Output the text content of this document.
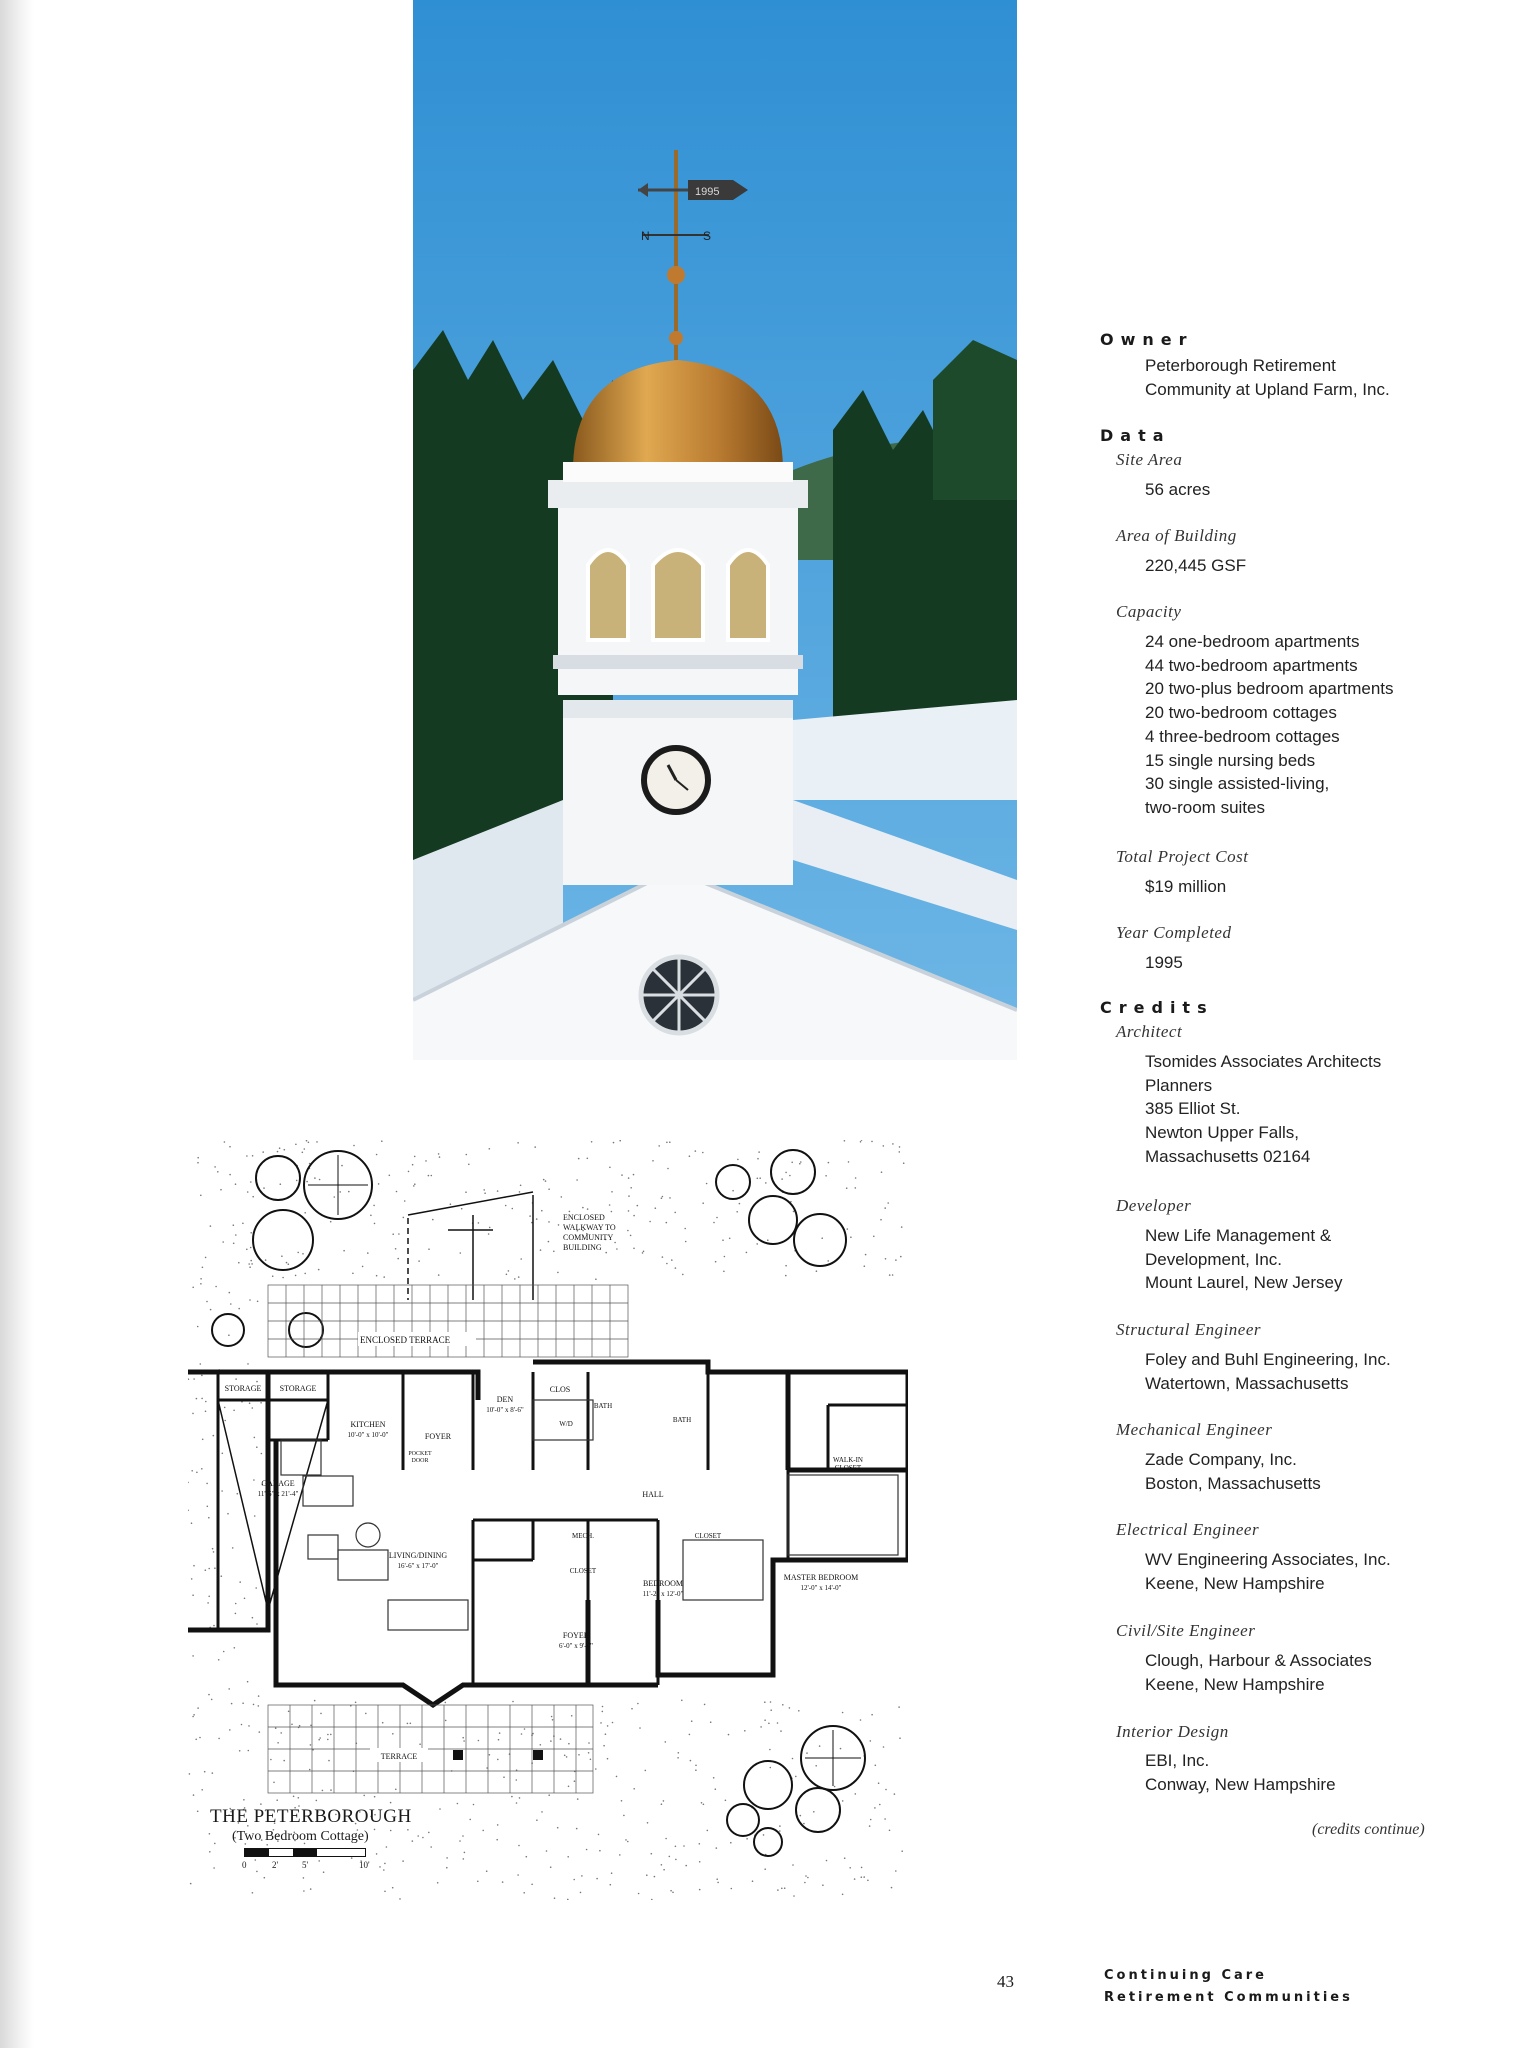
N	S
1995
ENCLOSED
WALKWAY TO
COMMUNITY
BUILDING
ENCLOSED TERRACE
STORAGE STORAGE
KITCHEN
10'-0" x 10'-0"	FOYER
POCKET
DOOR
DEN
10'-0" x 8'-6"
CLOS
BATH
BATH
W/D
WALK-IN
CLOSET
GARAGE
11'-6" x 21'-4"	HALL
MECH.	CLOSET
CLOSET
LIVING/DINING
16'-6" x 17'-0"
BEDROOM
11'-2" x 12'-0"
MASTER BEDROOM
12'-0" x 14'-0"
FOYER
6'-0" x 9'-6"
TERRACE
THE PETERBOROUGH
(Two Bedroom Cottage)
0	2'	5'	10'
Owner
Peterborough Retirement
Community at Upland Farm, Inc.
Data
Site Area
56 acres
Area of Building
220,445 GSF
Capacity
24 one-bedroom apartments
44 two-bedroom apartments
20 two-plus bedroom apartments
20 two-bedroom cottages
4 three-bedroom cottages
15 single nursing beds
30 single assisted-living,
two-room suites
Total Project Cost
$19 million
Year Completed
1995
Credits
Architect
Tsomides Associates Architects
Planners
385 Elliot St.
Newton Upper Falls,
Massachusetts 02164
Developer
New Life Management &
Development, Inc.
Mount Laurel, New Jersey
Structural Engineer
Foley and Buhl Engineering, Inc.
Watertown, Massachusetts
Mechanical Engineer
Zade Company, Inc.
Boston, Massachusetts
Electrical Engineer
WV Engineering Associates, Inc.
Keene, New Hampshire
Civil/Site Engineer
Clough, Harbour & Associates
Keene, New Hampshire
Interior Design
EBI, Inc.
Conway, New Hampshire
(credits continue)
43	Continuing Care
Retirement Communities
